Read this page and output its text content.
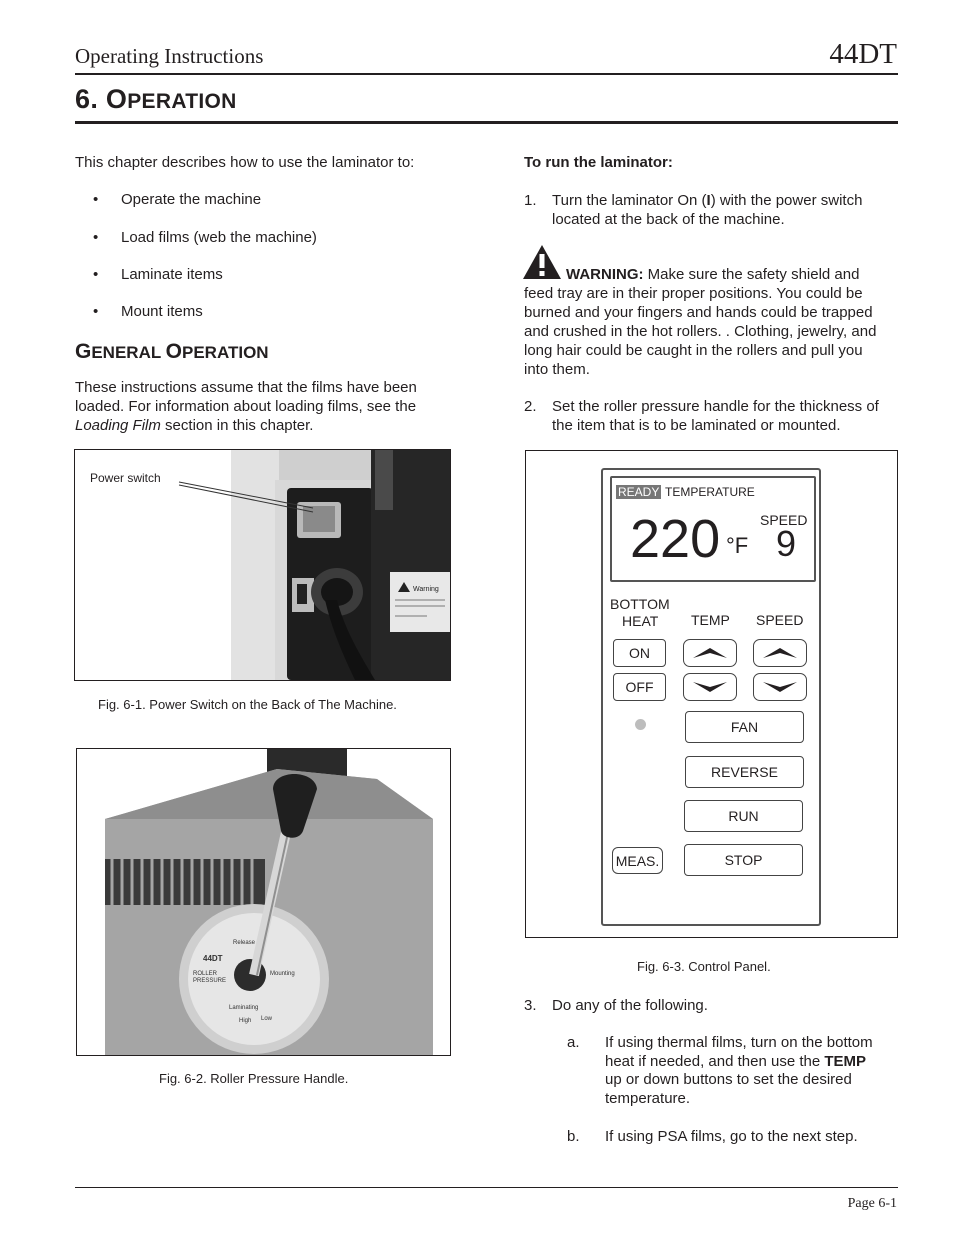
Operating Instructions	44DT
6. OPERATION
This chapter describes how to use the laminator to:
• Operate the machine
• Load films (web the machine)
• Laminate items
• Mount items
GENERAL OPERATION
These instructions assume that the films have been
loaded. For information about loading films, see the
Loading Film section in this chapter.
Warning
Power switch
Fig. 6-1. Power Switch on the Back of The Machine.
44DT
Release
ROLLER
PRESSURE
Mounting
Laminating
High Low
Fig. 6-2. Roller Pressure Handle.
To run the laminator:
1. Turn the laminator On (I) with the power switch
located at the back of the machine.
WARNING: Make sure the safety shield and
feed tray are in their proper positions. You could be
burned and your fingers and hands could be trapped
and crushed in the hot rollers. . Clothing, jewelry, and
long hair could be caught in the rollers and pull you
into them.
2. Set the roller pressure handle for the thickness of
the item that is to be laminated or mounted.
READY TEMPERATURE
SPEED
220 °F 9
BOTTOM
HEAT TEMP SPEED
ON
OFF
FAN
REVERSE
RUN
STOP
MEAS.
Fig. 6-3. Control Panel.
3. Do any of the following.
a. If using thermal films, turn on the bottom
heat if needed, and then use the TEMP
up or down buttons to set the desired
temperature.
b. If using PSA films, go to the next step.
Page 6-1
